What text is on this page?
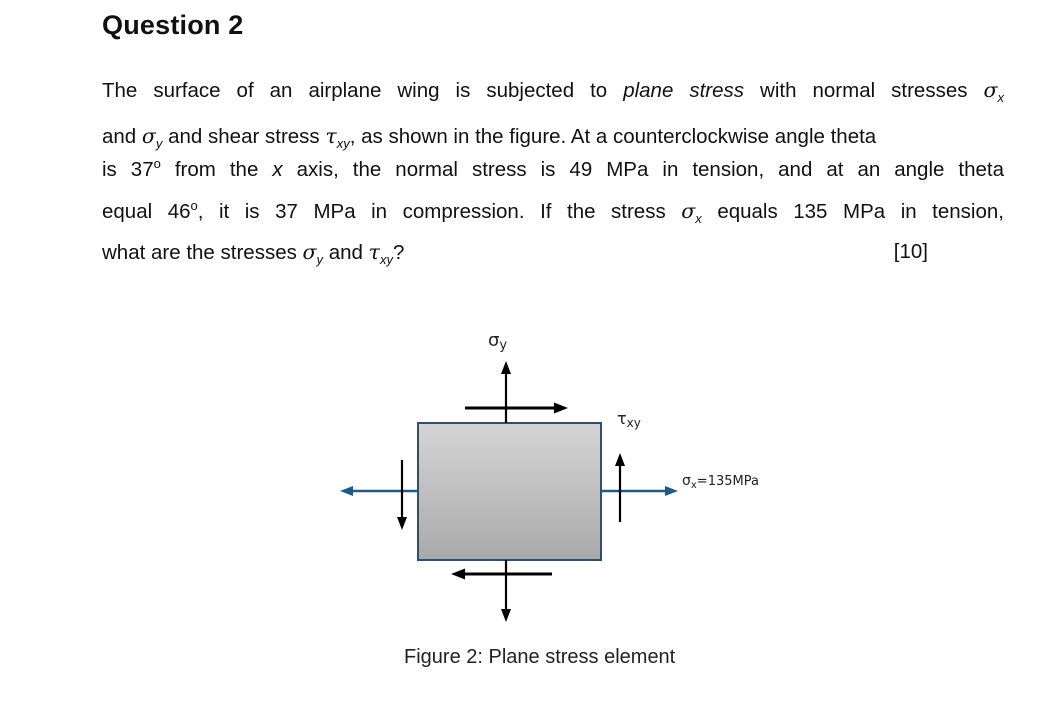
Question 2
The surface of an airplane wing is subjected to plane stress with normal stresses $\sigma_x$
and $\sigma_y$ and shear stress $\tau_{xy}$, as shown in the figure. At a counterclockwise angle theta
is 37$^o$ from the x axis, the normal stress is 49 MPa in tension, and at an angle theta
equal 46$^o$, it is 37 MPa in compression. If the stress $\sigma_x$ equals 135 MPa in tension,
what are the stresses $\sigma_y$ and $\tau_{xy}$?	[10]
σy
τxy
$\sigma_x=135MPa$
Figure 2: Plane stress element
